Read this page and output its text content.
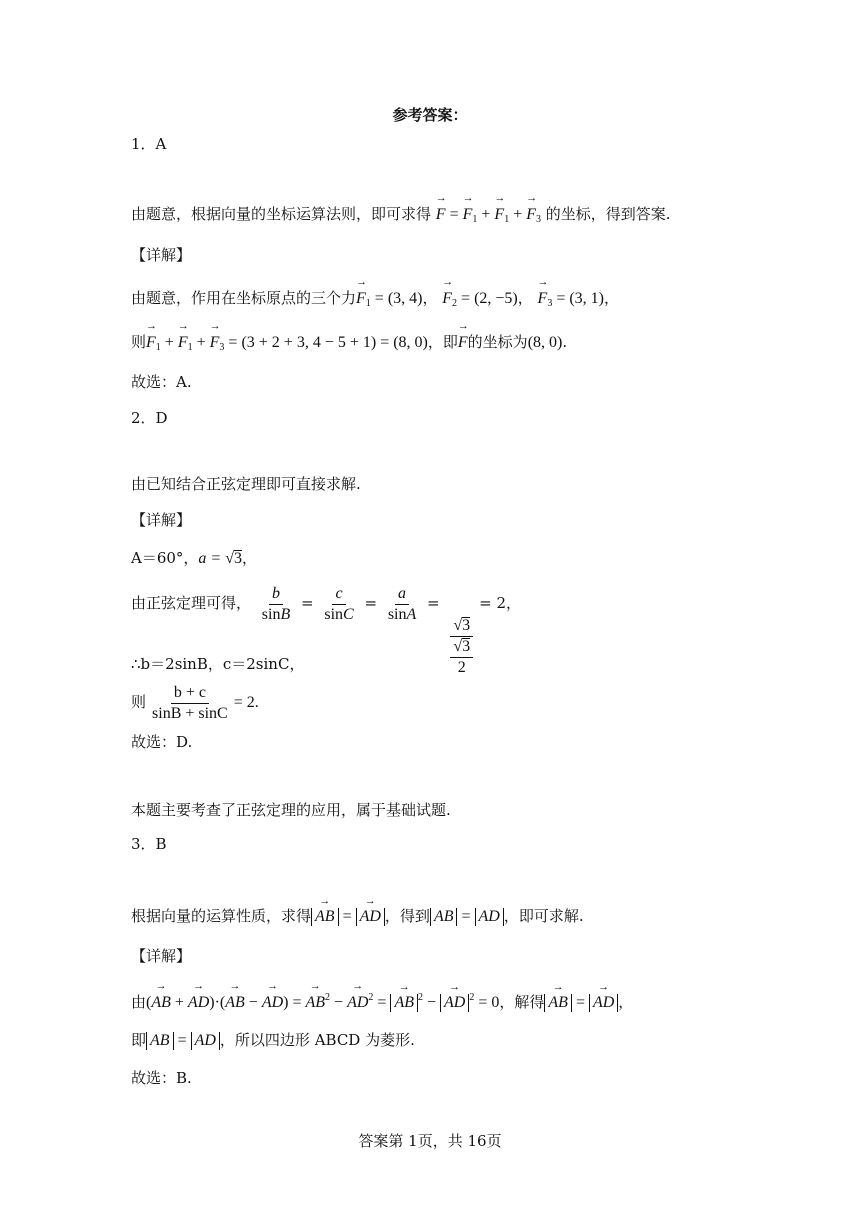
参考答案：
1．A
由题意，根据向量的坐标运算法则，即可求得 → F = → $F_1$ + → $F_1$ + → $F_3$ 的坐标，得到答案.
【详解】
由题意，作用在坐标原点的三个力→ $F_1 = (3$, 4)， → $F_2 = (2$, −5)， → $F_3 = (3$, 1)，
则→ $F_1$ + → $F_1$ + → $F_3 = (3 + 2 + 3$, 4 − 5 + 1) = (8, 0)，即→ F的坐标为(8, 0).
故选：A.
2．D
由已知结合正弦定理即可直接求解.
【详解】
A＝60°，a = √3，
由正弦定理可得， $\frac{b}{\sin B} = \frac{c}{\sin C} = \frac{a}{\sin A}$ =
$\frac{√3}{\frac{√3}{2}}$
= 2，
∴b＝2sinB，c＝2sinC，
则 $\frac{b + c}{\sin B + \sin C} = 2$.
故选：D.
本题主要考查了正弦定理的应用，属于基础试题.
3．B
根据向量的运算性质，求得 → AB = → AD ，得到 AB = AD ，即可求解.
【详解】
由(→ AB + → AD)·(→ AB − → AD) = → $AB^2$ − → $AD^2$ = → AB $^2$ − → AD $^2$ = 0，解得 → AB = → AD ，
即 AB = AD ，所以四边形 ABCD 为菱形.
故选：B.
答案第 1页，共 16页
